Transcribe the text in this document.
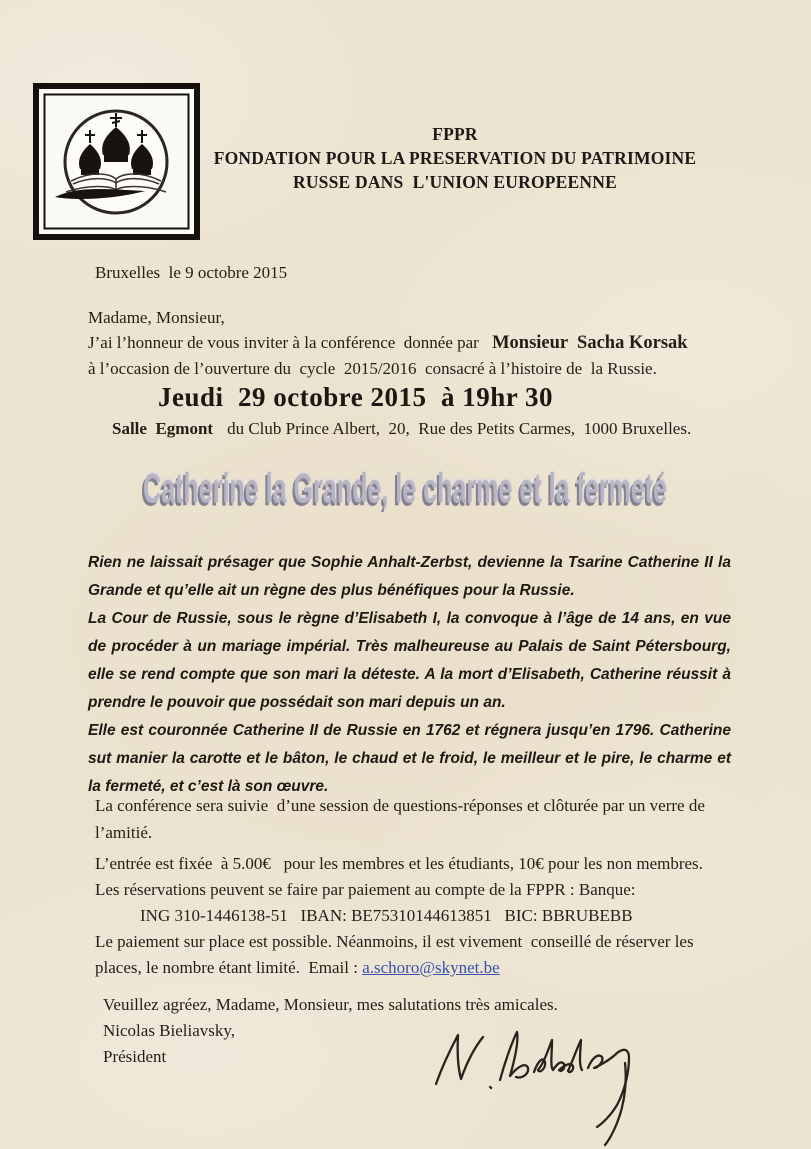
FPPR
FONDATION POUR LA PRESERVATION DU PATRIMOINE
RUSSE DANS  L'UNION EUROPEENNE
Bruxelles  le 9 octobre 2015
Madame, Monsieur,
J’ai l’honneur de vous inviter à la conférence  donnée par Monsieur  Sacha Korsak
à l’occasion de l’ouverture du  cycle  2015/2016  consacré à l’histoire de  la Russie.
Jeudi  29 octobre 2015  à 19hr 30
Salle  Egmont du Club Prince Albert,  20,  Rue des Petits Carmes,  1000 Bruxelles.
Catherine la Grande, le charme et la fermeté

Rien ne laissait présager que Sophie Anhalt-Zerbst, devienne la Tsarine Catherine II la Grande et qu’elle ait un règne des plus bénéfiques pour la Russie.

La Cour de Russie, sous le règne d’Elisabeth I, la convoque à l’âge de 14 ans, en vue de procéder à un mariage impérial. Très malheureuse au Palais de Saint Pétersbourg, elle se rend compte que son mari la déteste. A la mort d’Elisabeth, Catherine réussit à prendre le pouvoir que possédait son mari depuis un an.

Elle est couronnée Catherine II de Russie en 1762 et régnera jusqu’en 1796. Catherine sut manier la carotte et le bâton, le chaud et le froid, le meilleur et le pire, le charme et la fermeté, et c’est là son œuvre.

La conférence sera suivie  d’une session de questions-réponses et clôturée par un verre de
l’amitié.
L’entrée est fixée  à 5.00€   pour les membres et les étudiants, 10€ pour les non membres.
Les réservations peuvent se faire par paiement au compte de la FPPR : Banque:
ING 310-1446138-51   IBAN: BE75310144613851   BIC: BBRUBEBB
Le paiement sur place est possible. Néanmoins, il est vivement  conseillé de réserver les
places, le nombre étant limité.  Email : a.schoro@skynet.be
Veuillez agréez, Madame, Monsieur, mes salutations très amicales.
Nicolas Bieliavsky,
Président
